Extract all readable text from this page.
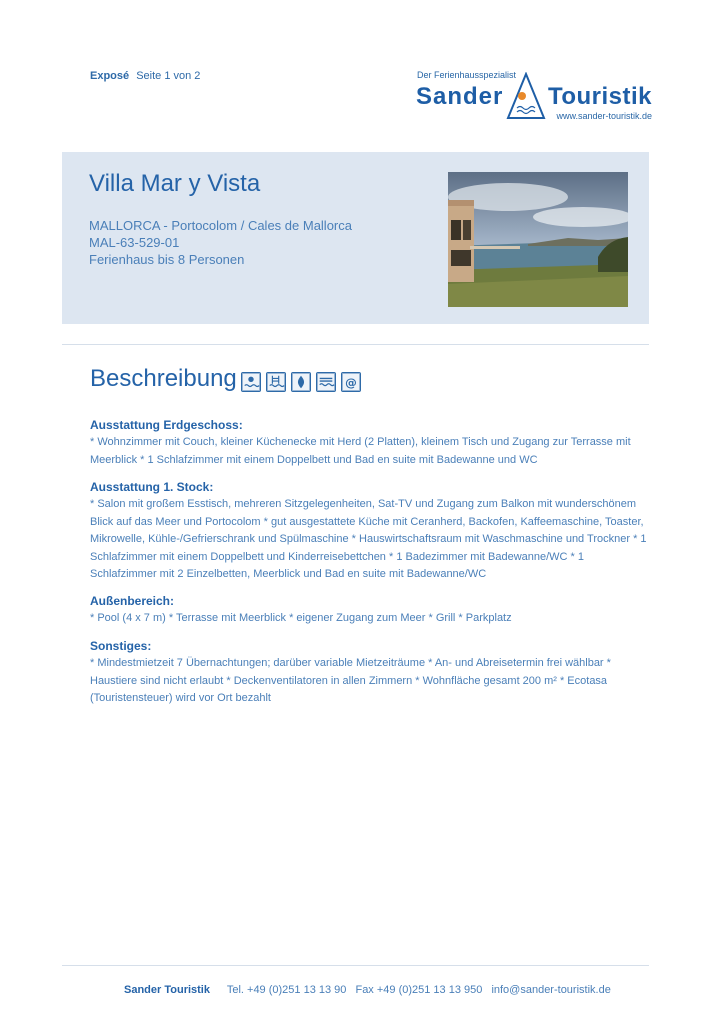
Exposé Seite 1 von 2	Der Ferienhausspezialist
Sander Touristik
www.sander-touristik.de
Villa Mar y Vista
MALLORCA - Portocolom / Cales de Mallorca
MAL-63-529-01
Ferienhaus bis 8 Personen
Beschreibung	@
Ausstattung Erdgeschoss:

* Wohnzimmer mit Couch, kleiner Küchenecke mit Herd (2 Platten), kleinem Tisch und Zugang zur Terrasse mit Meerblick * 1 Schlafzimmer mit einem Doppelbett und Bad en suite mit Badewanne und WC

Ausstattung 1. Stock:

* Salon mit großem Esstisch, mehreren Sitzgelegenheiten, Sat-TV und Zugang zum Balkon mit wunderschönem Blick auf das Meer und Portocolom * gut ausgestattete Küche mit Ceranherd, Backofen, Kaffeemaschine, Toaster, Mikrowelle, Kühle-/Gefrierschrank und Spülmaschine * Hauswirtschaftsraum mit Waschmaschine und Trockner * 1 Schlafzimmer mit einem Doppelbett und Kinderreisebettchen * 1 Badezimmer mit Badewanne/WC * 1 Schlafzimmer mit 2 Einzelbetten, Meerblick und Bad en suite mit Badewanne/WC

Außenbereich:

* Pool (4 x 7 m) * Terrasse mit Meerblick * eigener Zugang zum Meer * Grill * Parkplatz

Sonstiges:

* Mindestmietzeit 7 Übernachtungen; darüber variable Mietzeiträume * An- und Abreisetermin frei wählbar * Haustiere sind nicht erlaubt * Deckenventilatoren in allen Zimmern * Wohnfläche gesamt 200 m² * Ecotasa (Touristensteuer) wird vor Ort bezahlt

Sander Touristik Tel. +49 (0)251 13 13 90 Fax +49 (0)251 13 13 950 info@sander-touristik.de
